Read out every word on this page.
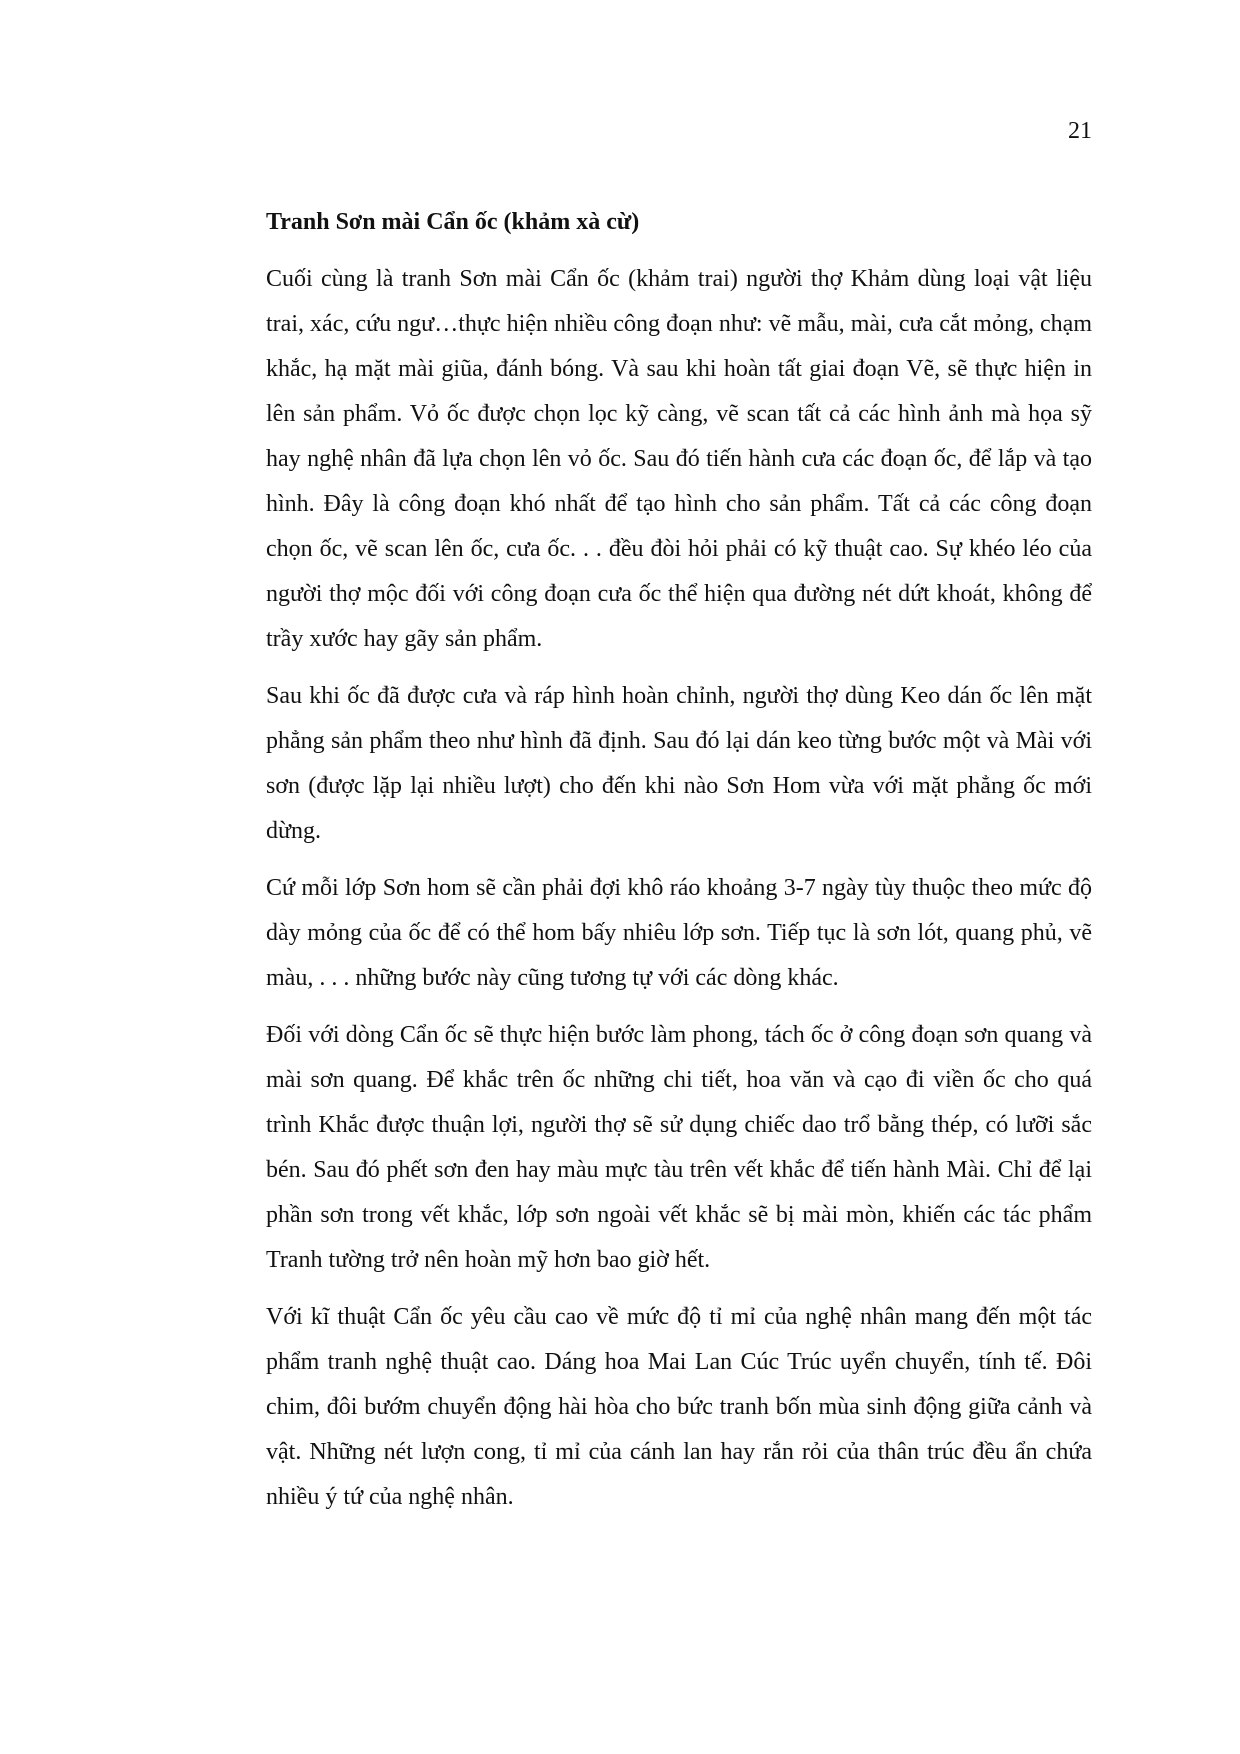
21

Tranh Sơn mài Cẩn ốc (khảm xà cừ)

Cuối cùng là tranh Sơn mài Cẩn ốc (khảm trai) người thợ Khảm dùng loại vật liệu trai, xác, cứu ngư…thực hiện nhiều công đoạn như: vẽ mẫu, mài, cưa cắt mỏng, chạm khắc, hạ mặt mài giũa, đánh bóng. Và sau khi hoàn tất giai đoạn Vẽ, sẽ thực hiện in lên sản phẩm. Vỏ ốc được chọn lọc kỹ càng, vẽ scan tất cả các hình ảnh mà họa sỹ hay nghệ nhân đã lựa chọn lên vỏ ốc. Sau đó tiến hành cưa các đoạn ốc, để lắp và tạo hình. Đây là công đoạn khó nhất để tạo hình cho sản phẩm. Tất cả các công đoạn chọn ốc, vẽ scan lên ốc, cưa ốc. . . đều đòi hỏi phải có kỹ thuật cao. Sự khéo léo của người thợ mộc đối với công đoạn cưa ốc thể hiện qua đường nét dứt khoát, không để trầy xước hay gãy sản phẩm.

Sau khi ốc đã được cưa và ráp hình hoàn chỉnh, người thợ dùng Keo dán ốc lên mặt phẳng sản phẩm theo như hình đã định. Sau đó lại dán keo từng bước một và Mài với sơn (được lặp lại nhiều lượt) cho đến khi nào Sơn Hom vừa với mặt phẳng ốc mới dừng.

Cứ mỗi lớp Sơn hom sẽ cần phải đợi khô ráo khoảng 3-7 ngày tùy thuộc theo mức độ dày mỏng của ốc để có thể hom bấy nhiêu lớp sơn. Tiếp tục là sơn lót, quang phủ, vẽ màu, . . . những bước này cũng tương tự với các dòng khác.

Đối với dòng Cẩn ốc sẽ thực hiện bước làm phong, tách ốc ở công đoạn sơn quang và mài sơn quang. Để khắc trên ốc những chi tiết, hoa văn và cạo đi viền ốc cho quá trình Khắc được thuận lợi, người thợ sẽ sử dụng chiếc dao trổ bằng thép, có lưỡi sắc bén. Sau đó phết sơn đen hay màu mực tàu trên vết khắc để tiến hành Mài. Chỉ để lại phần sơn trong vết khắc, lớp sơn ngoài vết khắc sẽ bị mài mòn, khiến các tác phẩm Tranh tường trở nên hoàn mỹ hơn bao giờ hết.

Với kĩ thuật Cẩn ốc yêu cầu cao về mức độ tỉ mỉ của nghệ nhân mang đến một tác phẩm tranh nghệ thuật cao. Dáng hoa Mai Lan Cúc Trúc uyển chuyển, tính tế. Đôi chim, đôi bướm chuyển động hài hòa cho bức tranh bốn mùa sinh động giữa cảnh và vật. Những nét lượn cong, tỉ mỉ của cánh lan hay rắn rỏi của thân trúc đều ẩn chứa nhiều ý tứ của nghệ nhân.
